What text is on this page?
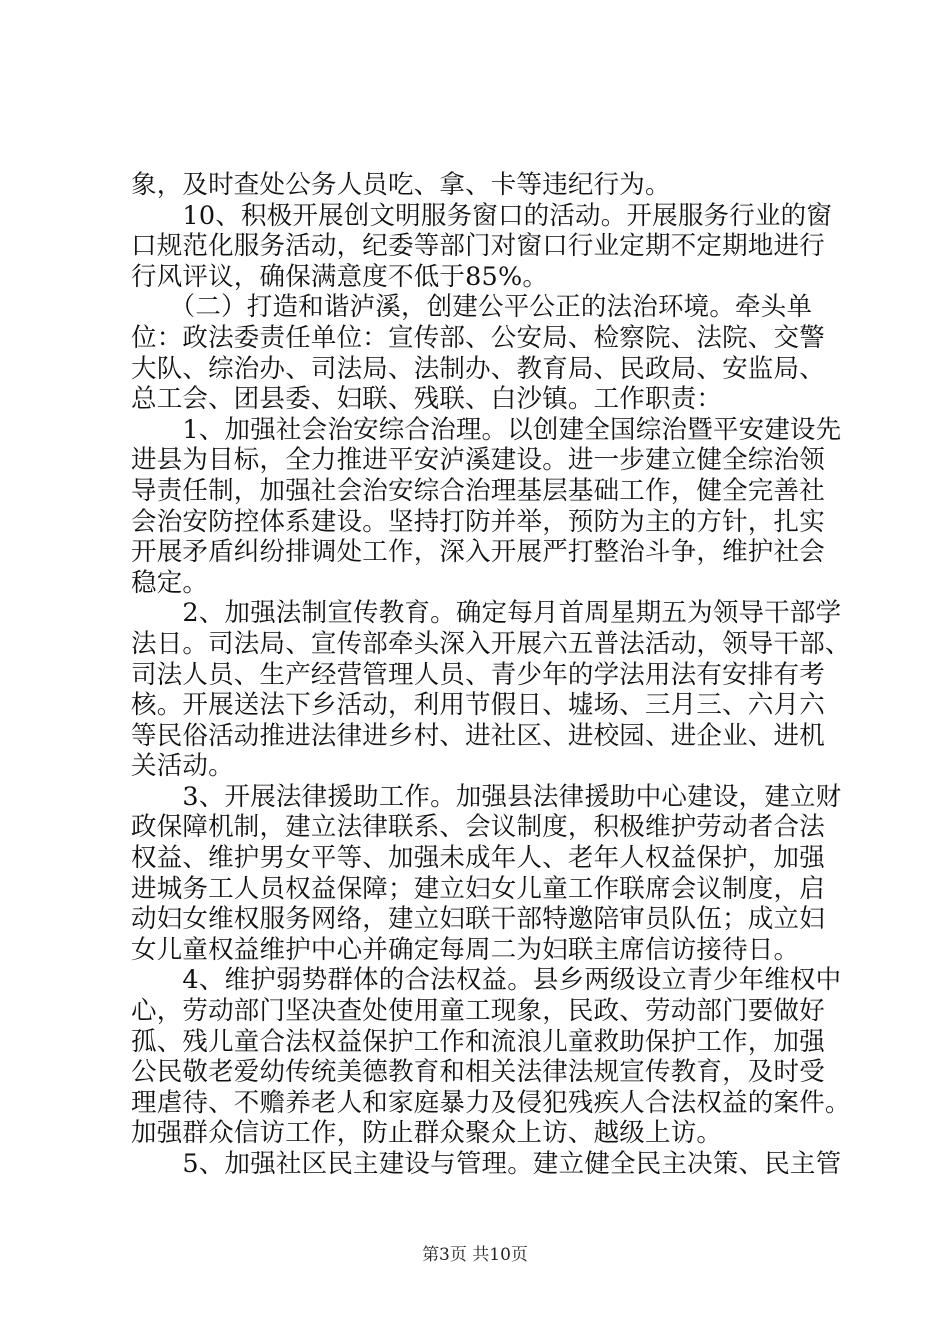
象，及时查处公务人员吃、拿、卡等违纪行为。
　　10、积极开展创文明服务窗口的活动。开展服务行业的窗
口规范化服务活动，纪委等部门对窗口行业定期不定期地进行
行风评议，确保满意度不低于85%。
　　（二）打造和谐泸溪，创建公平公正的法治环境。牵头单
位：政法委责任单位：宣传部、公安局、检察院、法院、交警
大队、综治办、司法局、法制办、教育局、民政局、安监局、
总工会、团县委、妇联、残联、白沙镇。工作职责：
　　1、加强社会治安综合治理。以创建全国综治暨平安建设先
进县为目标，全力推进平安泸溪建设。进一步建立健全综治领
导责任制，加强社会治安综合治理基层基础工作，健全完善社
会治安防控体系建设。坚持打防并举，预防为主的方针，扎实
开展矛盾纠纷排调处工作，深入开展严打整治斗争，维护社会
稳定。
　　2、加强法制宣传教育。确定每月首周星期五为领导干部学
法日。司法局、宣传部牵头深入开展六五普法活动，领导干部、
司法人员、生产经营管理人员、青少年的学法用法有安排有考
核。开展送法下乡活动，利用节假日、墟场、三月三、六月六
等民俗活动推进法律进乡村、进社区、进校园、进企业、进机
关活动。
　　3、开展法律援助工作。加强县法律援助中心建设，建立财
政保障机制，建立法律联系、会议制度，积极维护劳动者合法
权益、维护男女平等、加强未成年人、老年人权益保护，加强
进城务工人员权益保障；建立妇女儿童工作联席会议制度，启
动妇女维权服务网络，建立妇联干部特邀陪审员队伍；成立妇
女儿童权益维护中心并确定每周二为妇联主席信访接待日。
　　4、维护弱势群体的合法权益。县乡两级设立青少年维权中
心，劳动部门坚决查处使用童工现象，民政、劳动部门要做好
孤、残儿童合法权益保护工作和流浪儿童救助保护工作，加强
公民敬老爱幼传统美德教育和相关法律法规宣传教育，及时受
理虐待、不赡养老人和家庭暴力及侵犯残疾人合法权益的案件。
加强群众信访工作，防止群众聚众上访、越级上访。
　　5、加强社区民主建设与管理。建立健全民主决策、民主管
第3页 共10页
